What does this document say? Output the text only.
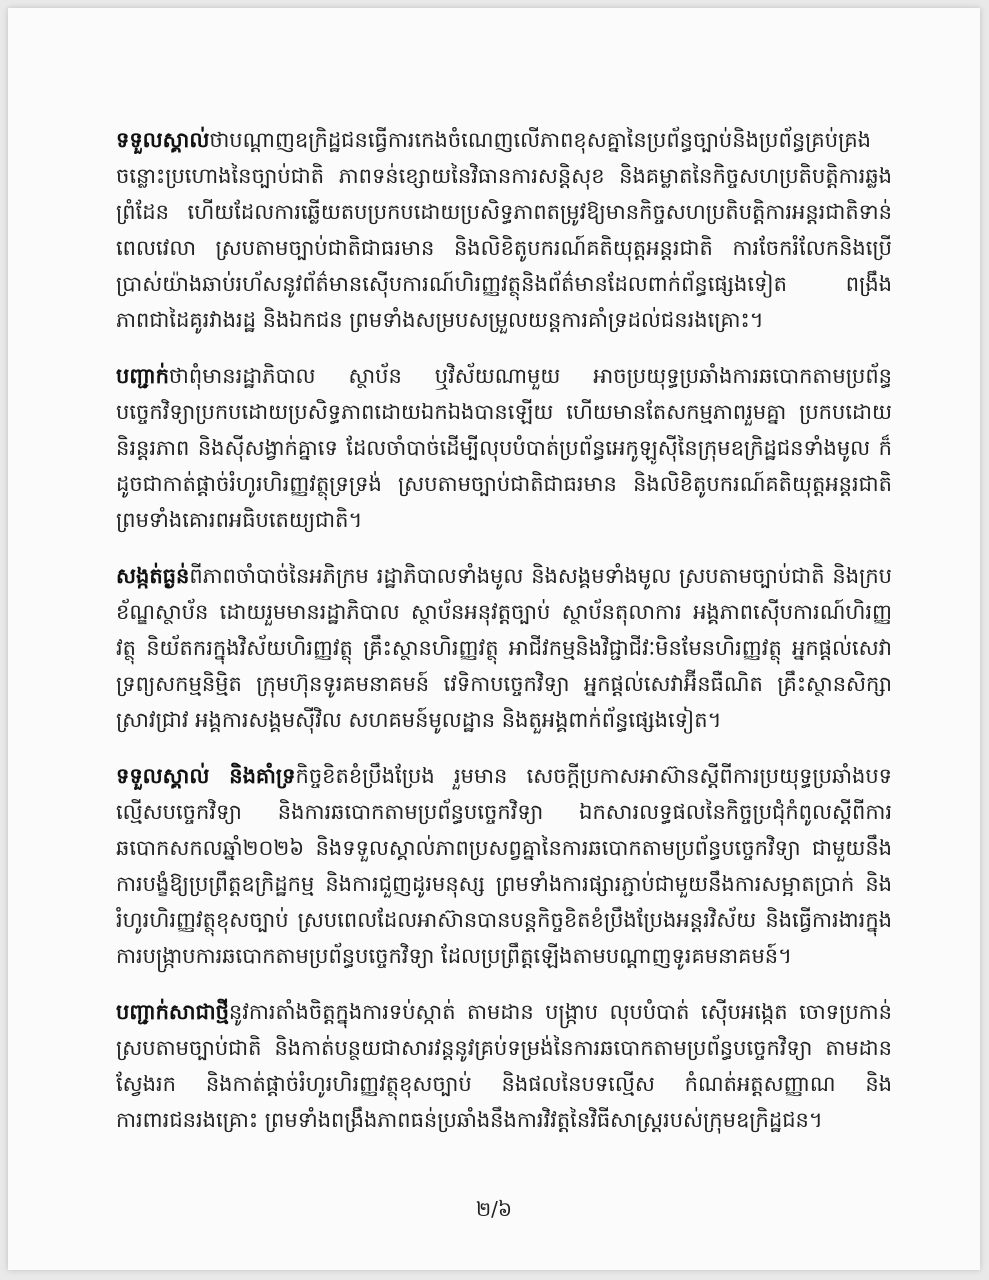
ទទួលស្គាល់ថាបណ្ដាញឧក្រិដ្ឋជនធ្វើការកេងចំណេញលើភាពខុសគ្នានៃប្រព័ន្ធច្បាប់និងប្រព័ន្ធគ្រប់គ្រង ចន្លោះប្រហោងនៃច្បាប់ជាតិ ភាពទន់ខ្សោយនៃវិធានការសន្តិសុខ និងគម្លាតនៃកិច្ចសហប្រតិបត្តិការឆ្លងព្រំដែន ហើយដែលការឆ្លើយតបប្រកបដោយប្រសិទ្ធភាពតម្រូវឱ្យមានកិច្ចសហប្រតិបត្តិការអន្តរជាតិទាន់ពេលវេលា ស្របតាមច្បាប់ជាតិជាធរមាន និងលិខិតូបករណ៍គតិយុត្តអន្តរជាតិ ការចែករំលែកនិងប្រើប្រាស់យ៉ាងឆាប់រហ័សនូវព័ត៌មានស៊ើបការណ៍ហិរញ្ញវត្ថុនិងព័ត៌មានដែលពាក់ព័ន្ធផ្សេងទៀត ពង្រឹងភាពជាដៃគូរវាងរដ្ឋ និងឯកជន ព្រមទាំងសម្របសម្រួលយន្តការគាំទ្រដល់ជនរងគ្រោះ។

បញ្ជាក់ថាពុំមានរដ្ឋាភិបាល ស្ថាប័ន ឬវិស័យណាមួយ អាចប្រយុទ្ធប្រឆាំងការឆបោកតាមប្រព័ន្ធបច្ចេកវិទ្យាប្រកបដោយប្រសិទ្ធភាពដោយឯកឯងបានឡើយ ហើយមានតែសកម្មភាពរួមគ្នា ប្រកបដោយនិរន្តរភាព និងស៊ីសង្វាក់គ្នាទេ ដែលចាំបាច់ដើម្បីលុបបំបាត់ប្រព័ន្ធអេកូឡូស៊ីនៃក្រុមឧក្រិដ្ឋជនទាំងមូល ក៏ដូចជាកាត់ផ្ដាច់រំហូរហិរញ្ញវត្ថុទ្រទ្រង់ ស្របតាមច្បាប់ជាតិជាធរមាន និងលិខិតូបករណ៍គតិយុត្តអន្តរជាតិ ព្រមទាំងគោរពអធិបតេយ្យជាតិ។

សង្កត់ធ្ងន់ពីភាពចាំបាច់នៃអភិក្រម រដ្ឋាភិបាលទាំងមូល និងសង្គមទាំងមូល ស្របតាមច្បាប់ជាតិ និងក្របខ័ណ្ឌស្ថាប័ន ដោយរួមមានរដ្ឋាភិបាល ស្ថាប័នអនុវត្តច្បាប់ ស្ថាប័នតុលាការ អង្គភាពស៊ើបការណ៍ហិរញ្ញវត្ថុ និយ័តករក្នុងវិស័យហិរញ្ញវត្ថុ គ្រឹះស្ថានហិរញ្ញវត្ថុ អាជីវកម្មនិងវិជ្ជាជីវៈមិនមែនហិរញ្ញវត្ថុ អ្នកផ្ដល់សេវាទ្រព្យសកម្មនិម្មិត ក្រុមហ៊ុនទូរគមនាគមន៍ វេទិកាបច្ចេកវិទ្យា អ្នកផ្ដល់សេវាអ៊ីនធឺណិត គ្រឹះស្ថានសិក្សាស្រាវជ្រាវ អង្គការសង្គមស៊ីវិល សហគមន៍មូលដ្ឋាន និងតួអង្គពាក់ព័ន្ធផ្សេងទៀត។

ទទួលស្គាល់ និងគាំទ្រកិច្ចខិតខំប្រឹងប្រែង រួមមាន សេចក្ដីប្រកាសអាស៊ានស្ដីពីការប្រយុទ្ធប្រឆាំងបទល្មើសបច្ចេកវិទ្យា និងការឆបោកតាមប្រព័ន្ធបច្ចេកវិទ្យា ឯកសារលទ្ធផលនៃកិច្ចប្រជុំកំពូលស្ដីពីការឆបោកសកលឆ្នាំ២០២៦ និងទទួលស្គាល់ភាពប្រសព្វគ្នានៃការឆបោកតាមប្រព័ន្ធបច្ចេកវិទ្យា ជាមួយនឹងការបង្ខំឱ្យប្រព្រឹត្តឧក្រិដ្ឋកម្ម និងការជួញដូរមនុស្ស ព្រមទាំងការផ្សារភ្ជាប់ជាមួយនឹងការសម្អាតប្រាក់ និងរំហូរហិរញ្ញវត្ថុខុសច្បាប់ ស្របពេលដែលអាស៊ានបានបន្តកិច្ចខិតខំប្រឹងប្រែងអន្តរវិស័យ និងធ្វើការងារក្នុងការបង្ក្រាបការឆបោកតាមប្រព័ន្ធបច្ចេកវិទ្យា ដែលប្រព្រឹត្តឡើងតាមបណ្ដាញទូរគមនាគមន៍។

បញ្ជាក់សាជាថ្មីនូវការតាំងចិត្តក្នុងការទប់ស្កាត់ តាមដាន បង្ក្រាប លុបបំបាត់ ស៊ើបអង្កេត ចោទប្រកាន់ ស្របតាមច្បាប់ជាតិ និងកាត់បន្ថយជាសារវន្តនូវគ្រប់ទម្រង់នៃការឆបោកតាមប្រព័ន្ធបច្ចេកវិទ្យា តាមដានស្វែងរក និងកាត់ផ្ដាច់រំហូរហិរញ្ញវត្ថុខុសច្បាប់ និងផលនៃបទល្មើស កំណត់អត្តសញ្ញាណ និងការពារជនរងគ្រោះ ព្រមទាំងពង្រឹងភាពធន់ប្រឆាំងនឹងការវិវត្តនៃវិធីសាស្ត្ររបស់ក្រុមឧក្រិដ្ឋជន។

២/៦
